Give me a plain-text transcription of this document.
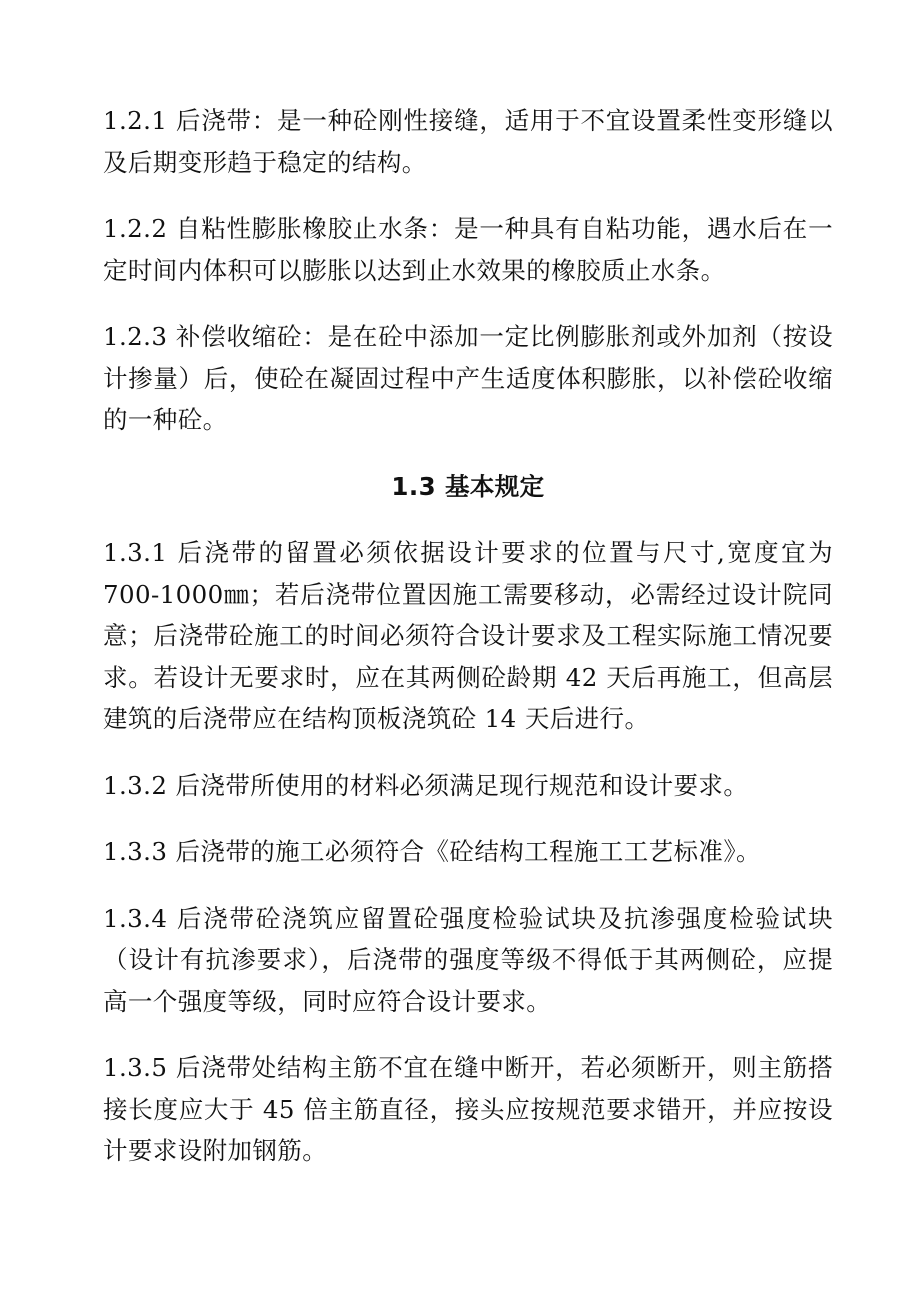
1.2.1 后浇带：是一种砼刚性接缝，适用于不宜设置柔性变形缝以及后期变形趋于稳定的结构。

1.2.2 自粘性膨胀橡胶止水条：是一种具有自粘功能，遇水后在一定时间内体积可以膨胀以达到止水效果的橡胶质止水条。

1.2.3 补偿收缩砼：是在砼中添加一定比例膨胀剂或外加剂（按设计掺量）后，使砼在凝固过程中产生适度体积膨胀，以补偿砼收缩的一种砼。

1.3 基本规定

1.3.1 后浇带的留置必须依据设计要求的位置与尺寸,宽度宜为700-1000㎜；若后浇带位置因施工需要移动，必需经过设计院同意；后浇带砼施工的时间必须符合设计要求及工程实际施工情况要求。若设计无要求时，应在其两侧砼龄期 42 天后再施工，但高层建筑的后浇带应在结构顶板浇筑砼 14 天后进行。

1.3.2 后浇带所使用的材料必须满足现行规范和设计要求。

1.3.3 后浇带的施工必须符合《砼结构工程施工工艺标准》。

1.3.4 后浇带砼浇筑应留置砼强度检验试块及抗渗强度检验试块（设计有抗渗要求），后浇带的强度等级不得低于其两侧砼，应提高一个强度等级，同时应符合设计要求。

1.3.5 后浇带处结构主筋不宜在缝中断开，若必须断开，则主筋搭接长度应大于 45 倍主筋直径，接头应按规范要求错开，并应按设计要求设附加钢筋。
